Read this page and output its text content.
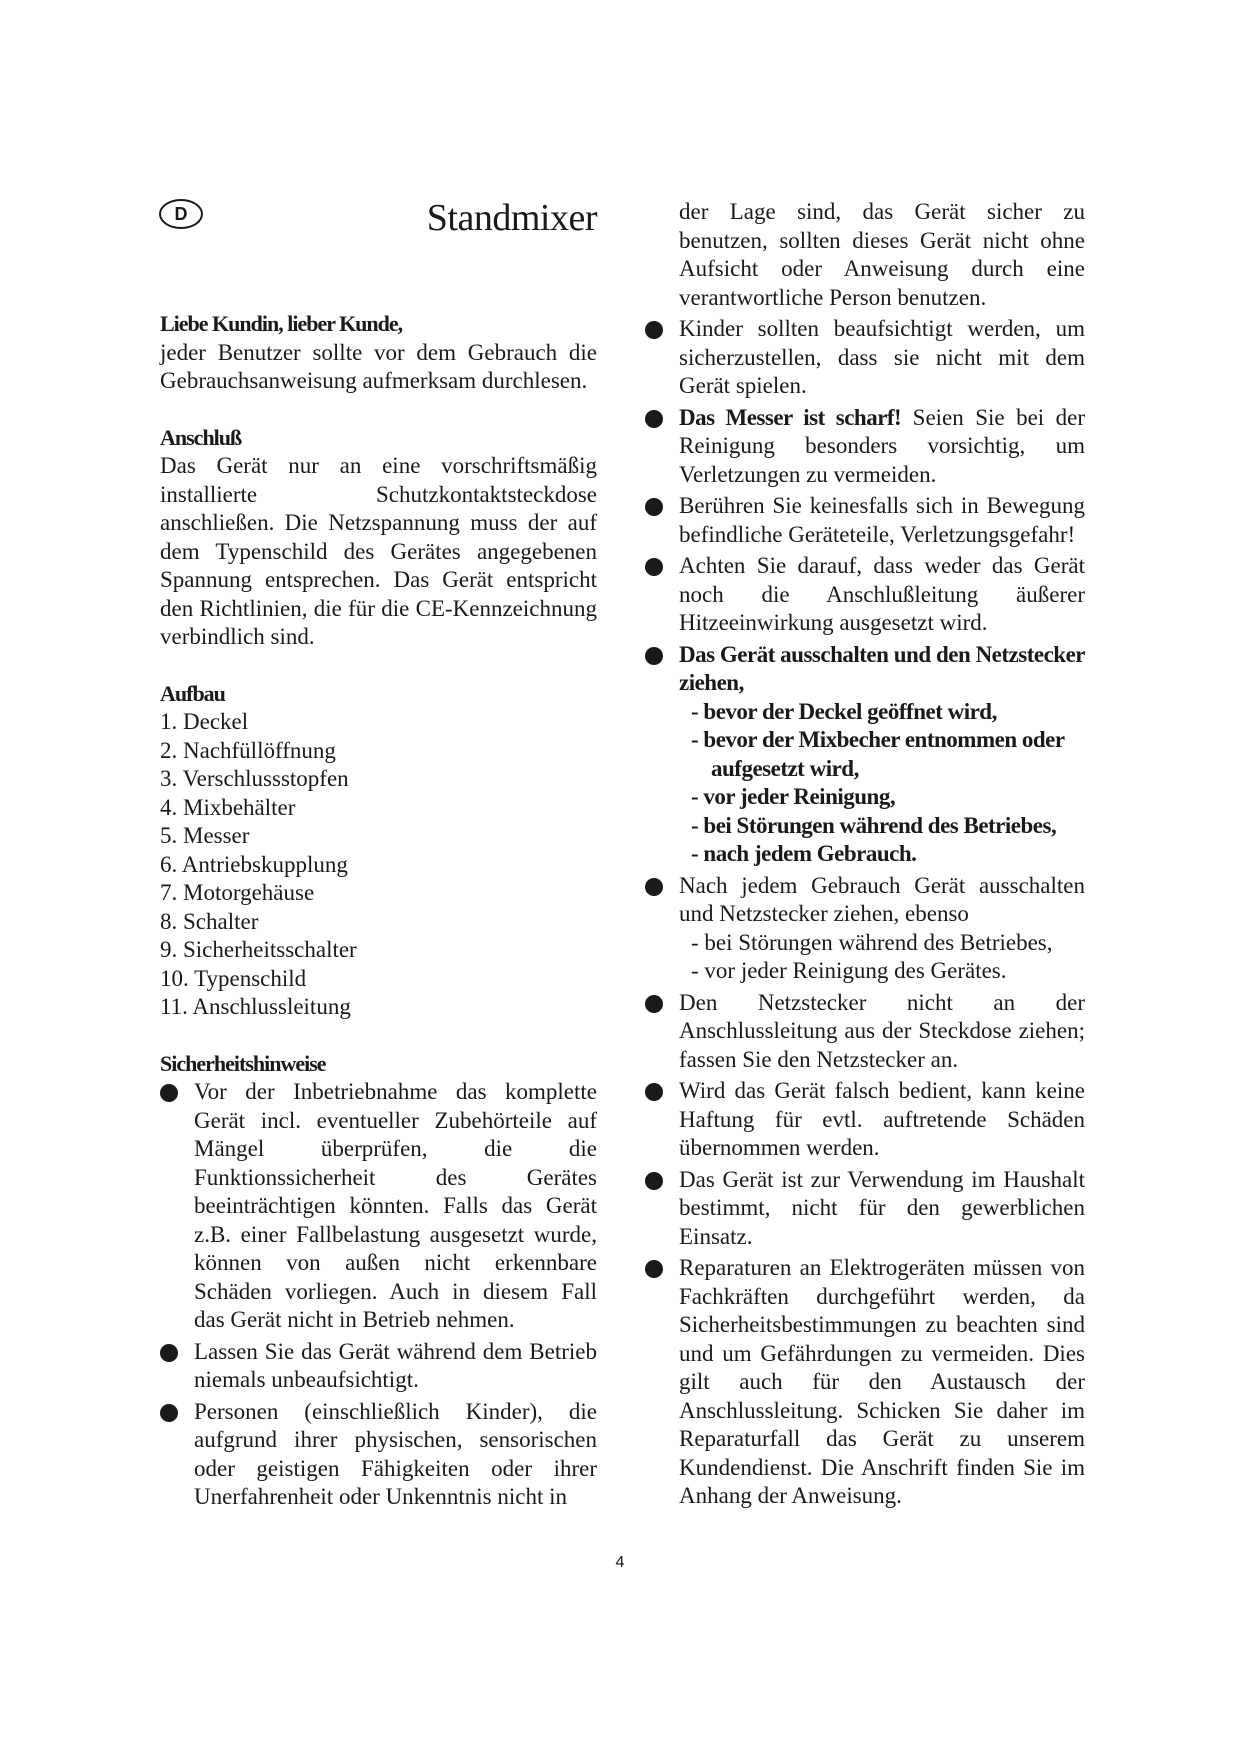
D	Standmixer
Liebe Kundin, lieber Kunde,

jeder Benutzer sollte vor dem Gebrauch die Gebrauchsanweisung aufmerksam durchlesen.

Anschluß

Das Gerät nur an eine vorschriftsmäßig installierte Schutzkontaktsteckdose anschließen. Die Netzspannung muss der auf dem Typenschild des Gerätes angegebenen Spannung entsprechen. Das Gerät entspricht den Richtlinien, die für die CE-Kennzeichnung verbindlich sind.

Aufbau
1. Deckel
2. Nachfüllöffnung
3. Verschlussstopfen
4. Mixbehälter
5. Messer
6. Antriebskupplung
7. Motorgehäuse
8. Schalter
9. Sicherheitsschalter
10. Typenschild
11. Anschlussleitung
Sicherheitshinweise
Vor der Inbetriebnahme das komplette Gerät incl. eventueller Zubehörteile auf Mängel überprüfen, die die Funktionssicherheit des Gerätes beeinträchtigen könnten. Falls das Gerät z.B. einer Fallbelastung ausgesetzt wurde, können von außen nicht erkennbare Schäden vorliegen. Auch in diesem Fall das Gerät nicht in Betrieb nehmen.
Lassen Sie das Gerät während dem Betrieb niemals unbeaufsichtigt.
Personen (einschließlich Kinder), die aufgrund ihrer physischen, sensorischen oder geistigen Fähigkeiten oder ihrer Unerfahrenheit oder Unkenntnis nicht in
der Lage sind, das Gerät sicher zu benutzen, sollten dieses Gerät nicht ohne Aufsicht oder Anweisung durch eine verantwortliche Person benutzen.
Kinder sollten beaufsichtigt werden, um sicherzustellen, dass sie nicht mit dem Gerät spielen.
Das Messer ist scharf! Seien Sie bei der Reinigung besonders vorsichtig, um Verletzungen zu vermeiden.
Berühren Sie keinesfalls sich in Bewegung befindliche Geräteteile, Verletzungsgefahr!
Achten Sie darauf, dass weder das Gerät noch die Anschlußleitung äußerer Hitzeeinwirkung ausgesetzt wird.
Das Gerät ausschalten und den Netzstecker ziehen,
- bevor der Deckel geöffnet wird,
- bevor der Mixbecher entnommen oder
aufgesetzt wird,
- vor jeder Reinigung,
- bei Störungen während des Betriebes,
- nach jedem Gebrauch.
Nach jedem Gebrauch Gerät ausschalten und Netzstecker ziehen, ebenso
- bei Störungen während des Betriebes,
- vor jeder Reinigung des Gerätes.
Den Netzstecker nicht an der Anschlussleitung aus der Steckdose ziehen; fassen Sie den Netzstecker an.
Wird das Gerät falsch bedient, kann keine Haftung für evtl. auftretende Schäden übernommen werden.
Das Gerät ist zur Verwendung im Haushalt bestimmt, nicht für den gewerblichen Einsatz.
Reparaturen an Elektrogeräten müssen von Fachkräften durchgeführt werden, da Sicherheitsbestimmungen zu beachten sind und um Gefährdungen zu vermeiden. Dies gilt auch für den Austausch der Anschlussleitung. Schicken Sie daher im Reparaturfall das Gerät zu unserem Kundendienst. Die Anschrift finden Sie im Anhang der Anweisung.
4
